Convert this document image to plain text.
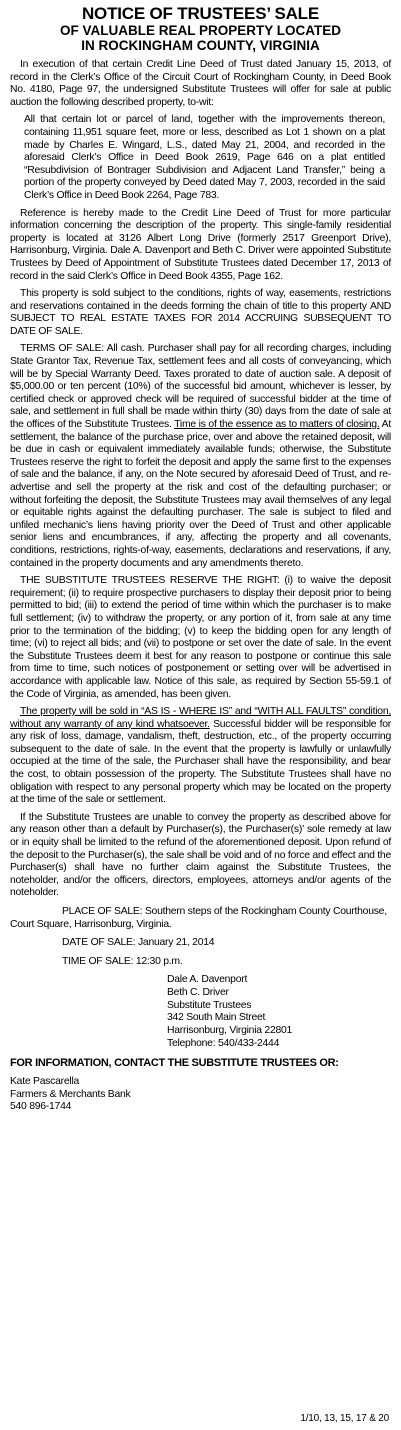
NOTICE OF TRUSTEES’ SALE
OF VALUABLE REAL PROPERTY LOCATED
IN ROCKINGHAM COUNTY, VIRGINIA

In execution of that certain Credit Line Deed of Trust dated January 15, 2013, of record in the Clerk’s Office of the Circuit Court of Rockingham County, in Deed Book No. 4180, Page 97, the undersigned Substitute Trustees will offer for sale at public auction the following described property, to-wit:

All that certain lot or parcel of land, together with the improvements thereon, containing 11,951 square feet, more or less, described as Lot 1 shown on a plat made by Charles E. Wingard, L.S., dated May 21, 2004, and recorded in the aforesaid Clerk’s Office in Deed Book 2619, Page 646 on a plat entitled “Resubdivision of Bontrager Subdivision and Adjacent Land Transfer,” being a portion of the property conveyed by Deed dated May 7, 2003, recorded in the said Clerk’s Office in Deed Book 2264, Page 783.

Reference is hereby made to the Credit Line Deed of Trust for more particular information concerning the description of the property. This single-family residential property is located at 3126 Albert Long Drive (formerly 2517 Greenport Drive), Harrisonburg, Virginia. Dale A. Davenport and Beth C. Driver were appointed Substitute Trustees by Deed of Appointment of Substitute Trustees dated December 17, 2013 of record in the said Clerk’s Office in Deed Book 4355, Page 162.

This property is sold subject to the conditions, rights of way, easements, restrictions and reservations contained in the deeds forming the chain of title to this property AND SUBJECT TO REAL ESTATE TAXES FOR 2014 ACCRUING SUBSEQUENT TO DATE OF SALE.

TERMS OF SALE: All cash. Purchaser shall pay for all recording charges, including State Grantor Tax, Revenue Tax, settlement fees and all costs of conveyancing, which will be by Special Warranty Deed. Taxes prorated to date of auction sale. A deposit of $5,000.00 or ten percent (10%) of the successful bid amount, whichever is lesser, by certified check or approved check will be required of successful bidder at the time of sale, and settlement in full shall be made within thirty (30) days from the date of sale at the offices of the Substitute Trustees. Time is of the essence as to matters of closing. At settlement, the balance of the purchase price, over and above the retained deposit, will be due in cash or equivalent immediately available funds; otherwise, the Substitute Trustees reserve the right to forfeit the deposit and apply the same first to the expenses of sale and the balance, if any, on the Note secured by aforesaid Deed of Trust, and re-advertise and sell the property at the risk and cost of the defaulting purchaser; or without forfeiting the deposit, the Substitute Trustees may avail themselves of any legal or equitable rights against the defaulting purchaser. The sale is subject to filed and unfiled mechanic’s liens having priority over the Deed of Trust and other applicable senior liens and encumbrances, if any, affecting the property and all covenants, conditions, restrictions, rights-of-way, easements, declarations and reservations, if any, contained in the property documents and any amendments thereto.

THE SUBSTITUTE TRUSTEES RESERVE THE RIGHT: (i) to waive the deposit requirement; (ii) to require prospective purchasers to display their deposit prior to being permitted to bid; (iii) to extend the period of time within which the purchaser is to make full settlement; (iv) to withdraw the property, or any portion of it, from sale at any time prior to the termination of the bidding; (v) to keep the bidding open for any length of time; (vi) to reject all bids; and (vii) to postpone or set over the date of sale. In the event the Substitute Trustees deem it best for any reason to postpone or continue this sale from time to time, such notices of postponement or setting over will be advertised in accordance with applicable law. Notice of this sale, as required by Section 55-59.1 of the Code of Virginia, as amended, has been given.

The property will be sold in “AS IS - WHERE IS” and “WITH ALL FAULTS” condition, without any warranty of any kind whatsoever. Successful bidder will be responsible for any risk of loss, damage, vandalism, theft, destruction, etc., of the property occurring subsequent to the date of sale. In the event that the property is lawfully or unlawfully occupied at the time of the sale, the Purchaser shall have the responsibility, and bear the cost, to obtain possession of the property. The Substitute Trustees shall have no obligation with respect to any personal property which may be located on the property at the time of the sale or settlement.

If the Substitute Trustees are unable to convey the property as described above for any reason other than a default by Purchaser(s), the Purchaser(s)’ sole remedy at law or in equity shall be limited to the refund of the aforementioned deposit. Upon refund of the deposit to the Purchaser(s), the sale shall be void and of no force and effect and the Purchaser(s) shall have no further claim against the Substitute Trustees, the noteholder, and/or the officers, directors, employees, attorneys and/or agents of the noteholder.

PLACE OF SALE: Southern steps of the Rockingham County Courthouse, Court Square, Harrisonburg, Virginia.
DATE OF SALE: January 21, 2014
TIME OF SALE: 12:30 p.m.
Dale A. Davenport
Beth C. Driver
Substitute Trustees
342 South Main Street
Harrisonburg, Virginia 22801
Telephone: 540/433-2444
FOR INFORMATION, CONTACT THE SUBSTITUTE TRUSTEES OR:
Kate Pascarella
Farmers & Merchants Bank
540 896-1744
1/10, 13, 15, 17 & 20
